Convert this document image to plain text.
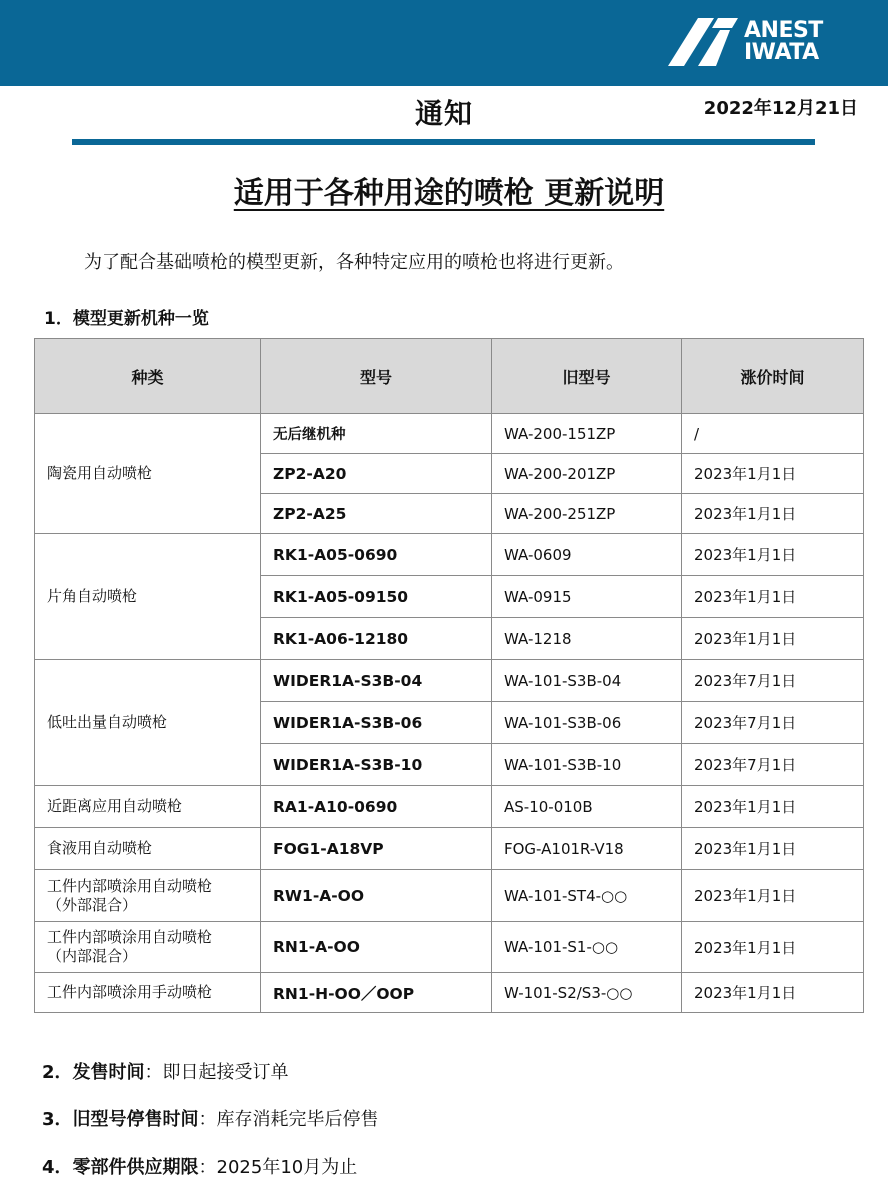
ANEST
IWATA
通知	2022年12月21日
适用于各种用途的喷枪 更新说明
为了配合基础喷枪的模型更新，各种特定应用的喷枪也将进行更新。
1．模型更新机种一览
种类	型号	旧型号	涨价时间
陶瓷用自动喷枪	无后继机种	WA-200-151ZP	/
	ZP2-A20	WA-200-201ZP	2023年1月1日
	ZP2-A25	WA-200-251ZP	2023年1月1日
片角自动喷枪	RK1-A05-0690	WA-0609	2023年1月1日
	RK1-A05-09150	WA-0915	2023年1月1日
	RK1-A06-12180	WA-1218	2023年1月1日
低吐出量自动喷枪	WIDER1A-S3B-04	WA-101-S3B-04	2023年7月1日
	WIDER1A-S3B-06	WA-101-S3B-06	2023年7月1日
	WIDER1A-S3B-10	WA-101-S3B-10	2023年7月1日
近距离应用自动喷枪	RA1-A10-0690	AS-10-010B	2023年1月1日
食液用自动喷枪	FOG1-A18VP	FOG-A101R-V18	2023年1月1日

工件内部喷涂用自动喷枪
（外部混合）	RW1-A-OO	WA-101-ST4-○○	2023年1月1日

工件内部喷涂用自动喷枪
（内部混合）	RN1-A-OO	WA-101-S1-○○	2023年1月1日
工件内部喷涂用手动喷枪	RN1-H-OO／OOP	W-101-S2/S3-○○	2023年1月1日
2．发售时间：即日起接受订单
3．旧型号停售时间：库存消耗完毕后停售
4．零部件供应期限：2025年10月为止
